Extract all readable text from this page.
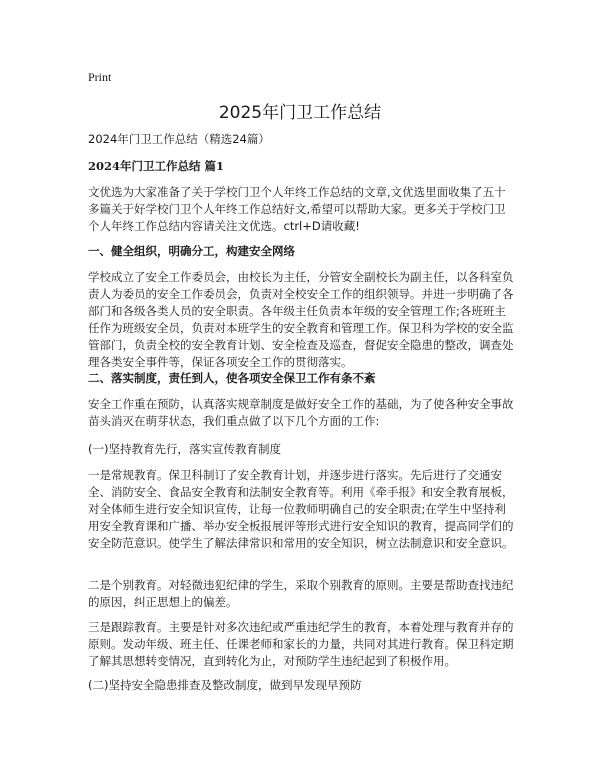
Print
2025年门卫工作总结
2024年门卫工作总结（精选24篇）
2024年门卫工作总结 篇1
文优选为大家准备了关于学校门卫个人年终工作总结的文章,文优选里面收集了五十多篇关于好学校门卫个人年终工作总结好文,希望可以帮助大家。更多关于学校门卫个人年终工作总结内容请关注文优选。ctrl+D请收藏!
一、健全组织，明确分工，构建安全网络
学校成立了安全工作委员会，由校长为主任，分管安全副校长为副主任，以各科室负责人为委员的安全工作委员会，负责对全校安全工作的组织领导。并进一步明确了各部门和各级各类人员的安全职责。各年级主任负责本年级的安全管理工作;各班班主任作为班级安全员，负责对本班学生的安全教育和管理工作。保卫科为学校的安全监管部门，负责全校的安全教育计划、安全检查及巡查，督促安全隐患的整改，调查处理各类安全事件等，保证各项安全工作的贯彻落实。
二、落实制度，责任到人，使各项安全保卫工作有条不紊
安全工作重在预防，认真落实规章制度是做好安全工作的基础，为了使各种安全事故苗头消灭在萌芽状态，我们重点做了以下几个方面的工作:
(一)坚持教育先行，落实宣传教育制度
一是常规教育。保卫科制订了安全教育计划，并逐步进行落实。先后进行了交通安全、消防安全、食品安全教育和法制安全教育等。利用《牵手报》和安全教育展板，对全体师生进行安全知识宣传，让每一位教师明确自己的安全职责;在学生中坚持利用安全教育课和广播、举办安全板报展评等形式进行安全知识的教育，提高同学们的安全防范意识。使学生了解法律常识和常用的安全知识，树立法制意识和安全意识。
二是个别教育。对轻微违犯纪律的学生，采取个别教育的原则。主要是帮助查找违纪的原因，纠正思想上的偏差。
三是跟踪教育。主要是针对多次违纪或严重违纪学生的教育，本着处理与教育并存的原则。发动年级、班主任、任课老师和家长的力量，共同对其进行教育。保卫科定期了解其思想转变情况，直到转化为止，对预防学生违纪起到了积极作用。
(二)坚持安全隐患排查及整改制度，做到早发现早预防
